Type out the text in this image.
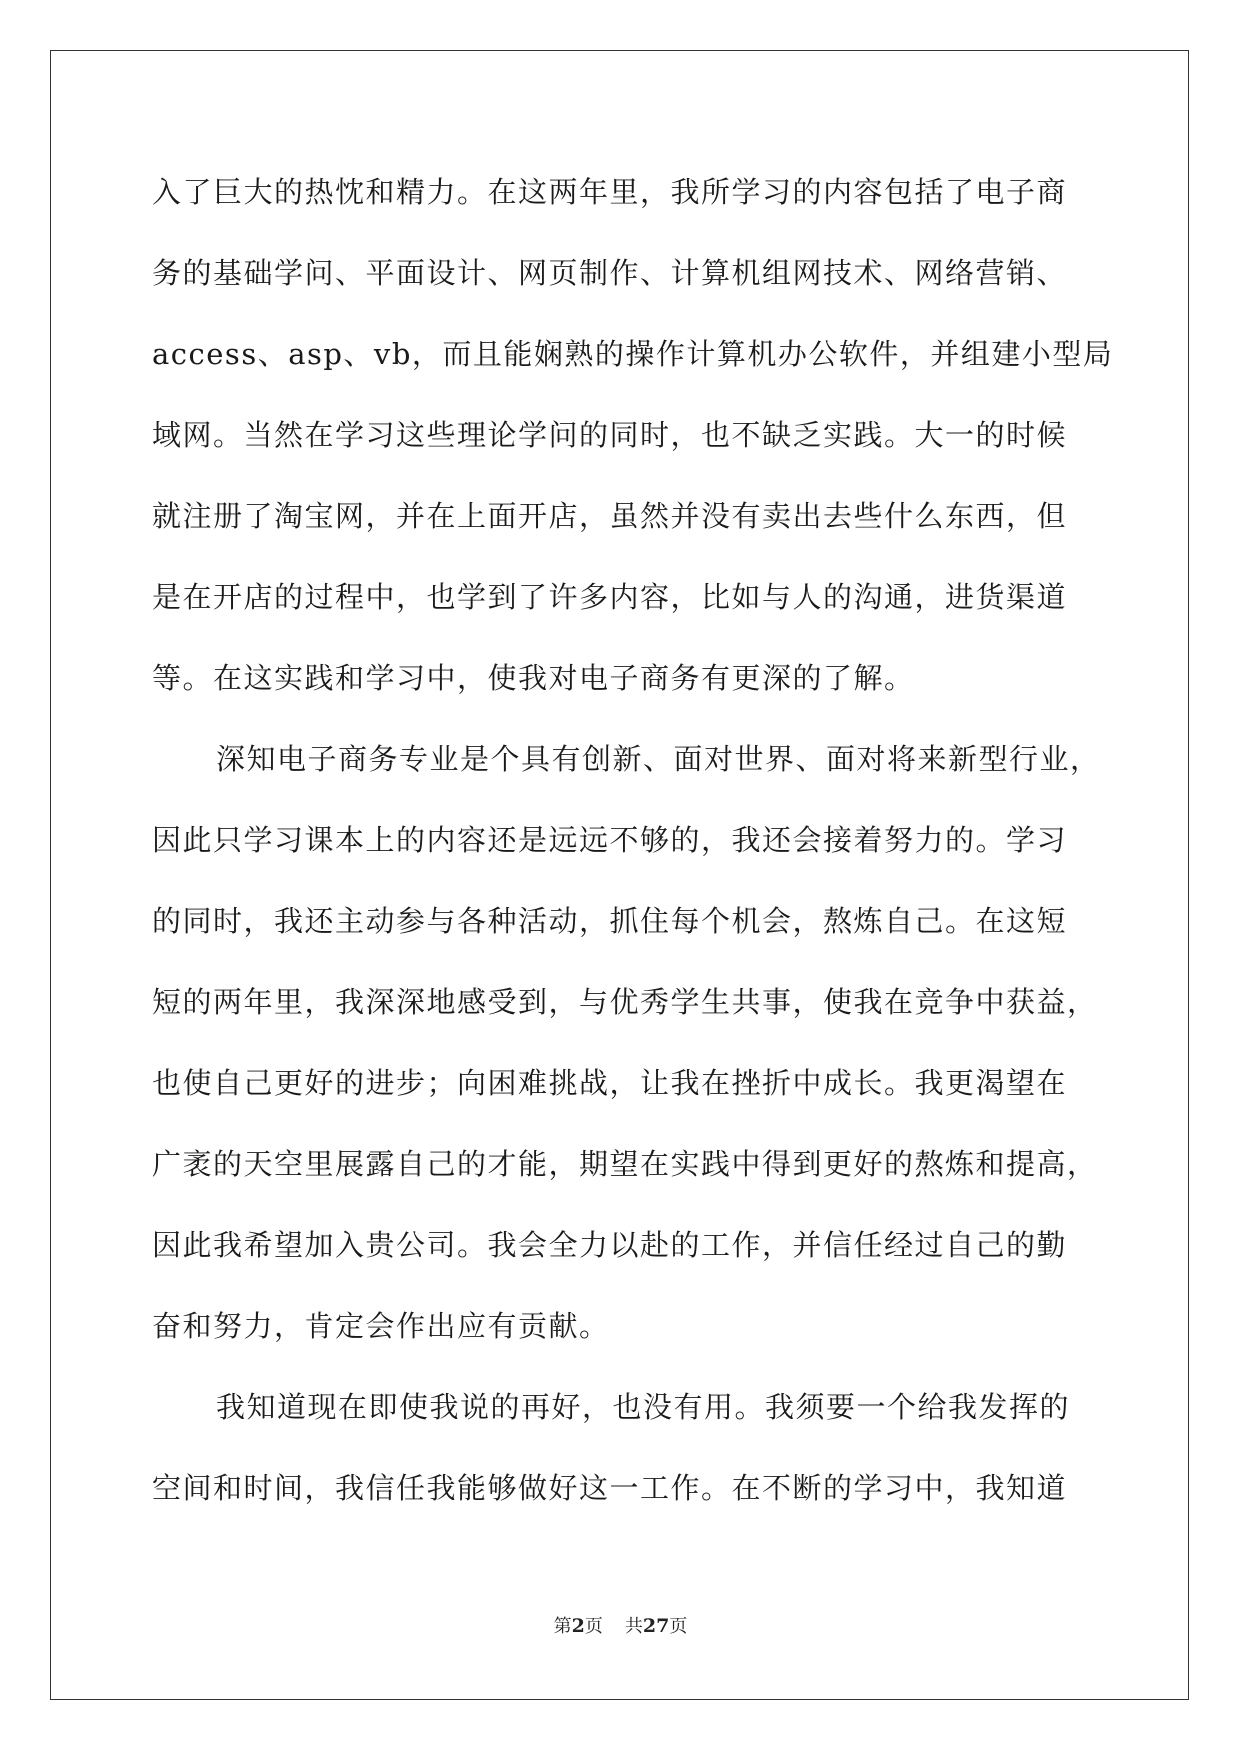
入了巨大的热忱和精力。在这两年里，我所学习的内容包括了电子商
务的基础学问、平面设计、网页制作、计算机组网技术、网络营销、
access、asp、vb，而且能娴熟的操作计算机办公软件，并组建小型局
域网。当然在学习这些理论学问的同时，也不缺乏实践。大一的时候
就注册了淘宝网，并在上面开店，虽然并没有卖出去些什么东西，但
是在开店的过程中，也学到了许多内容，比如与人的沟通，进货渠道
等。在这实践和学习中，使我对电子商务有更深的了解。
深知电子商务专业是个具有创新、面对世界、面对将来新型行业，
因此只学习课本上的内容还是远远不够的，我还会接着努力的。学习
的同时，我还主动参与各种活动，抓住每个机会，熬炼自己。在这短
短的两年里，我深深地感受到，与优秀学生共事，使我在竞争中获益，
也使自己更好的进步；向困难挑战，让我在挫折中成长。我更渴望在
广袤的天空里展露自己的才能，期望在实践中得到更好的熬炼和提高，
因此我希望加入贵公司。我会全力以赴的工作，并信任经过自己的勤
奋和努力，肯定会作出应有贡献。
我知道现在即使我说的再好，也没有用。我须要一个给我发挥的
空间和时间，我信任我能够做好这一工作。在不断的学习中，我知道
第2页 共27页
